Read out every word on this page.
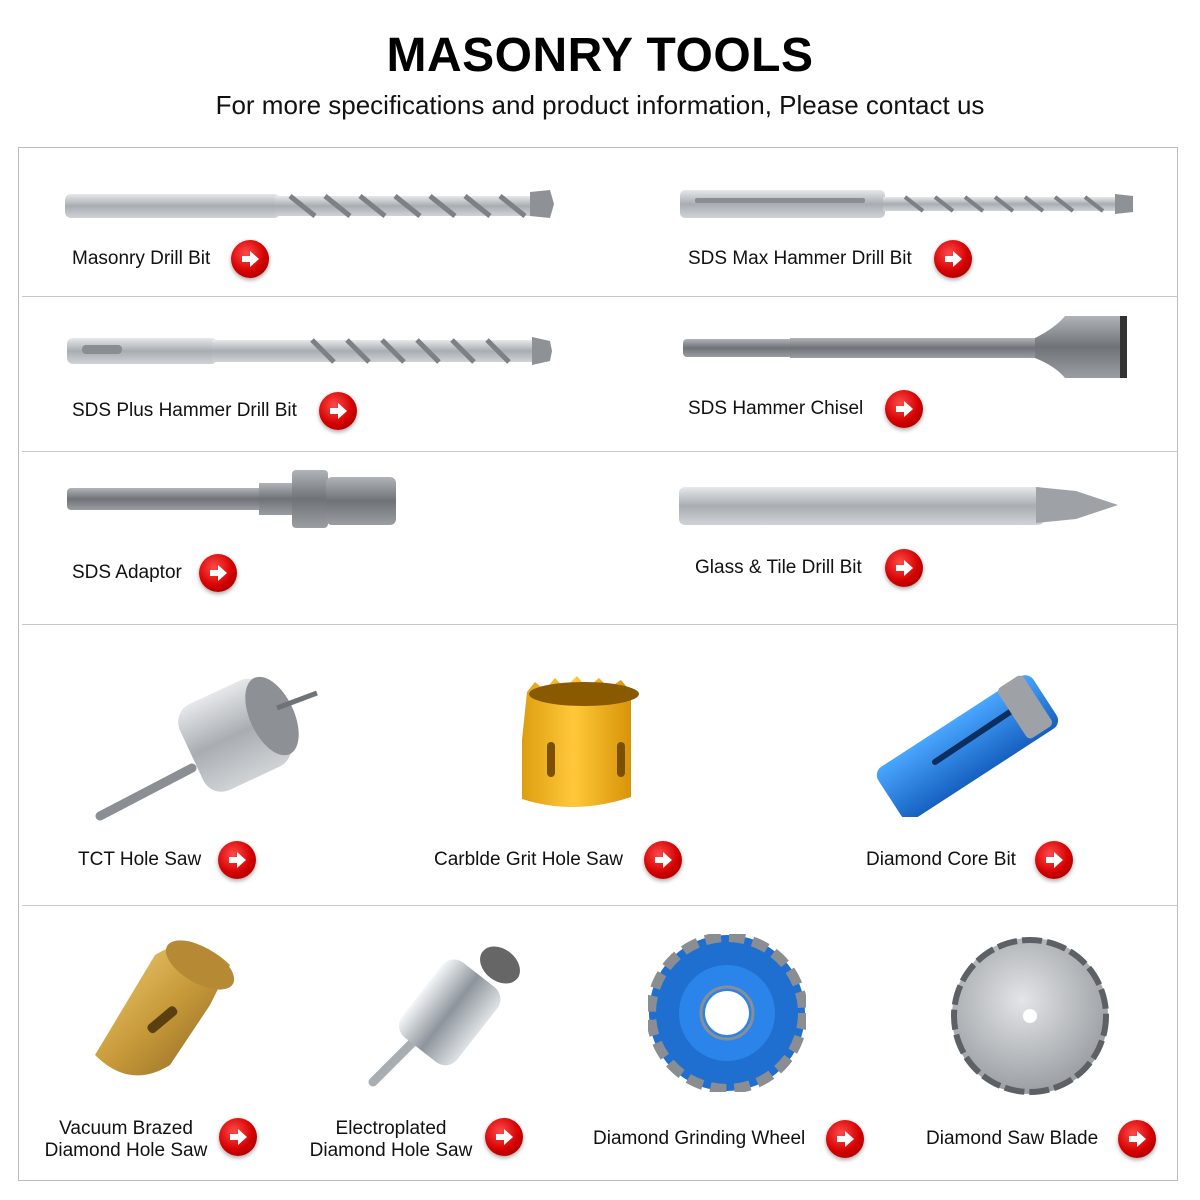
MASONRY TOOLS
For more specifications and product information, Please contact us
Masonry Drill Bit	SDS Max Hammer Drill Bit
SDS Plus Hammer Drill Bit	SDS Hammer Chisel
SDS Adaptor	Glass & Tile Drill Bit
TCT Hole Saw	Carblde Grit Hole Saw	Diamond Core Bit
Vacuum Brazed
Diamond Hole Saw
Electroplated
Diamond Hole Saw
Diamond Grinding Wheel	Diamond Saw Blade
